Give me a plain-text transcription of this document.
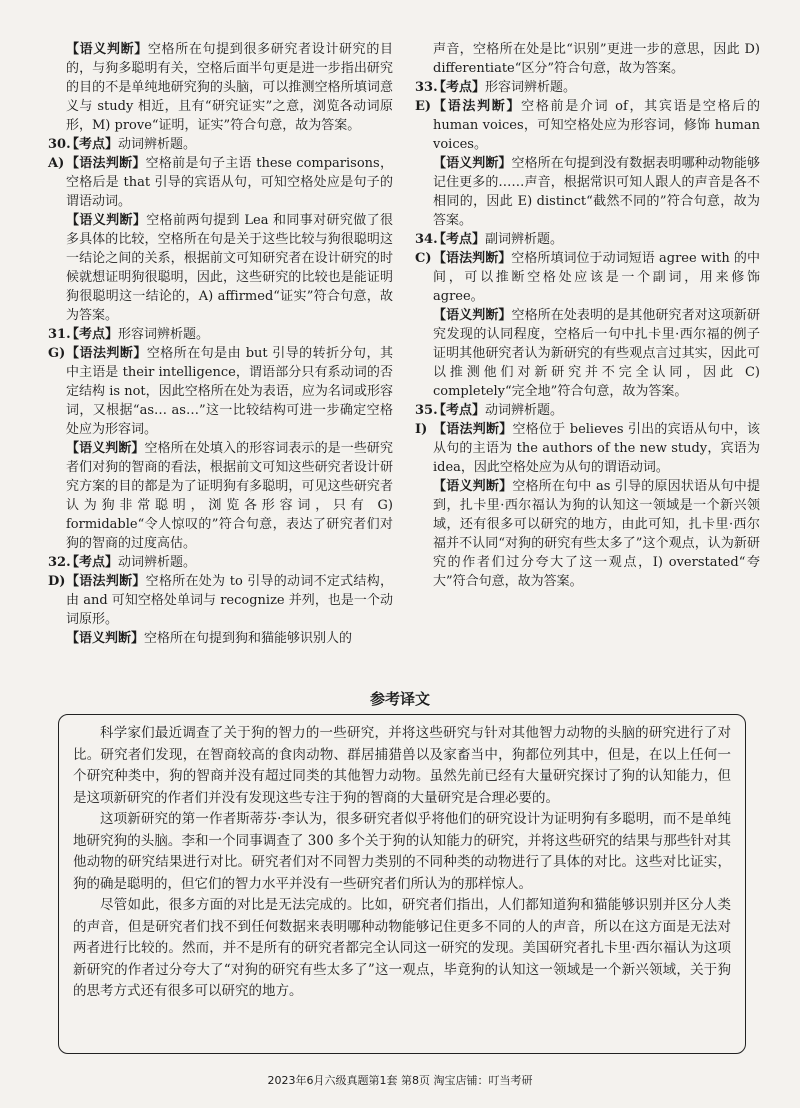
【语义判断】空格所在句提到很多研究者设计研究的目的，与狗多聪明有关，空格后面半句更是进一步指出研究的目的不是单纯地研究狗的头脑，可以推测空格所填词意义与 study 相近，且有“研究证实”之意，浏览各动词原形，M) prove“证明，证实”符合句意，故为答案。

30.
【考点】动词辨析题。

A) 【语法判断】空格前是句子主语 these comparisons，空格后是 that 引导的宾语从句，可知空格处应是句子的谓语动词。

【语义判断】空格前两句提到 Lea 和同事对研究做了很多具体的比较，空格所在句是关于这些比较与狗很聪明这一结论之间的关系，根据前文可知研究者在设计研究的时候就想证明狗很聪明，因此，这些研究的比较也是能证明狗很聪明这一结论的，A) affirmed“证实”符合句意，故为答案。

31.
【考点】形容词辨析题。

G) 【语法判断】空格所在句是由 but 引导的转折分句，其中主语是 their intelligence，谓语部分只有系动词的否定结构 is not，因此空格所在处为表语，应为名词或形容词，又根据“as… as…”这一比较结构可进一步确定空格处应为形容词。

【语义判断】空格所在处填入的形容词表示的是一些研究者们对狗的智商的看法，根据前文可知这些研究者设计研究方案的目的都是为了证明狗有多聪明，可见这些研究者认为狗非常聪明，浏览各形容词，只有 G) formidable“令人惊叹的”符合句意，表达了研究者们对狗的智商的过度高估。

32.
【考点】动词辨析题。

D) 【语法判断】空格所在处为 to 引导的动词不定式结构，由 and 可知空格处单词与 recognize 并列，也是一个动词原形。

【语义判断】空格所在句提到狗和猫能够识别人的

声音，空格所在处是比“识别”更进一步的意思，因此 D) differentiate“区分”符合句意，故为答案。

33.
【考点】形容词辨析题。

E) 【语法判断】空格前是介词 of，其宾语是空格后的 human voices，可知空格处应为形容词，修饰 human voices。

【语义判断】空格所在句提到没有数据表明哪种动物能够记住更多的……声音，根据常识可知人跟人的声音是各不相同的，因此 E) distinct“截然不同的”符合句意，故为答案。

34.
【考点】副词辨析题。

C) 【语法判断】空格所填词位于动词短语 agree with 的中间，可以推断空格处应该是一个副词，用来修饰 agree。

【语义判断】空格所在处表明的是其他研究者对这项新研究发现的认同程度，空格后一句中扎卡里·西尔福的例子证明其他研究者认为新研究的有些观点言过其实，因此可以推测他们对新研究并不完全认同，因此 C) completely“完全地”符合句意，故为答案。

35.
【考点】动词辨析题。

I) 【语法判断】空格位于 believes 引出的宾语从句中，该从句的主语为 the authors of the new study，宾语为 idea，因此空格处应为从句的谓语动词。

【语义判断】空格所在句中 as 引导的原因状语从句中提到，扎卡里·西尔福认为狗的认知这一领域是一个新兴领域，还有很多可以研究的地方，由此可知，扎卡里·西尔福并不认同“对狗的研究有些太多了”这个观点，认为新研究的作者们过分夸大了这一观点，I) overstated“夸大”符合句意，故为答案。

参考译文

科学家们最近调查了关于狗的智力的一些研究，并将这些研究与针对其他智力动物的头脑的研究进行了对比。研究者们发现，在智商较高的食肉动物、群居捕猎兽以及家畜当中，狗都位列其中，但是，在以上任何一个研究种类中，狗的智商并没有超过同类的其他智力动物。虽然先前已经有大量研究探讨了狗的认知能力，但是这项新研究的作者们并没有发现这些专注于狗的智商的大量研究是合理必要的。

这项新研究的第一作者斯蒂芬·李认为，很多研究者似乎将他们的研究设计为证明狗有多聪明，而不是单纯地研究狗的头脑。李和一个同事调查了 300 多个关于狗的认知能力的研究，并将这些研究的结果与那些针对其他动物的研究结果进行对比。研究者们对不同智力类别的不同种类的动物进行了具体的对比。这些对比证实，狗的确是聪明的，但它们的智力水平并没有一些研究者们所认为的那样惊人。

尽管如此，很多方面的对比是无法完成的。比如，研究者们指出，人们都知道狗和猫能够识别并区分人类的声音，但是研究者们找不到任何数据来表明哪种动物能够记住更多不同的人的声音，所以在这方面是无法对两者进行比较的。然而，并不是所有的研究者都完全认同这一研究的发现。美国研究者扎卡里·西尔福认为这项新研究的作者过分夸大了“对狗的研究有些太多了”这一观点，毕竟狗的认知这一领域是一个新兴领域，关于狗的思考方式还有很多可以研究的地方。

2023年6月六级真题第1套 第8页 淘宝店铺：叮当考研
